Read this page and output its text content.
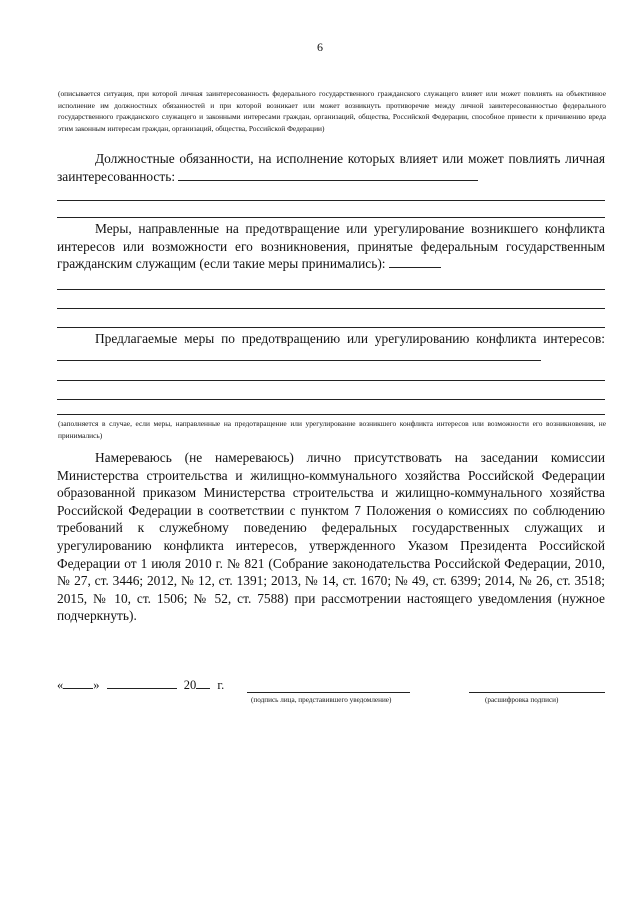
6
(описывается ситуация, при которой личная заинтересованность федерального государственного гражданского служащего влияет или может повлиять на объективное исполнение им должностных обязанностей и при которой возникает или может возникнуть противоречие между личной заинтересованностью федерального государственного гражданского служащего и законными интересами граждан, организаций, общества, Российской Федерации, способное привести к причинению вреда этим законным интересам граждан, организаций, общества, Российской Федерации)
Должностные обязанности, на исполнение которых влияет или может повлиять личная заинтересованность:
Меры, направленные на предотвращение или урегулирование возникшего конфликта интересов или возможности его возникновения, принятые федеральным государственным гражданским служащим (если такие меры принимались):
Предлагаемые меры по предотвращению или урегулированию конфликта интересов:
(заполняется в случае, если меры, направленные на предотвращение или урегулирование возникшего конфликта интересов или возможности его возникновения, не принимались)
Намереваюсь (не намереваюсь) лично присутствовать на заседании комиссии Министерства строительства и жилищно-коммунального хозяйства Российской Федерации образованной приказом Министерства строительства и жилищно-коммунального хозяйства Российской Федерации в соответствии с пунктом 7 Положения о комиссиях по соблюдению требований к служебному поведению федеральных государственных служащих и урегулированию конфликта интересов, утвержденного Указом Президента Российской Федерации от 1 июля 2010 г. № 821 (Собрание законодательства Российской Федерации, 2010, № 27, ст. 3446; 2012, № 12, ст. 1391; 2013, № 14, ст. 1670; № 49, ст. 6399; 2014, № 26, ст. 3518; 2015, № 10, ст. 1506; № 52, ст. 7588) при рассмотрении настоящего уведомления (нужное подчеркнуть).
« »	20 г.
(подпись лица, представившего уведомление)	(расшифровка подписи)
